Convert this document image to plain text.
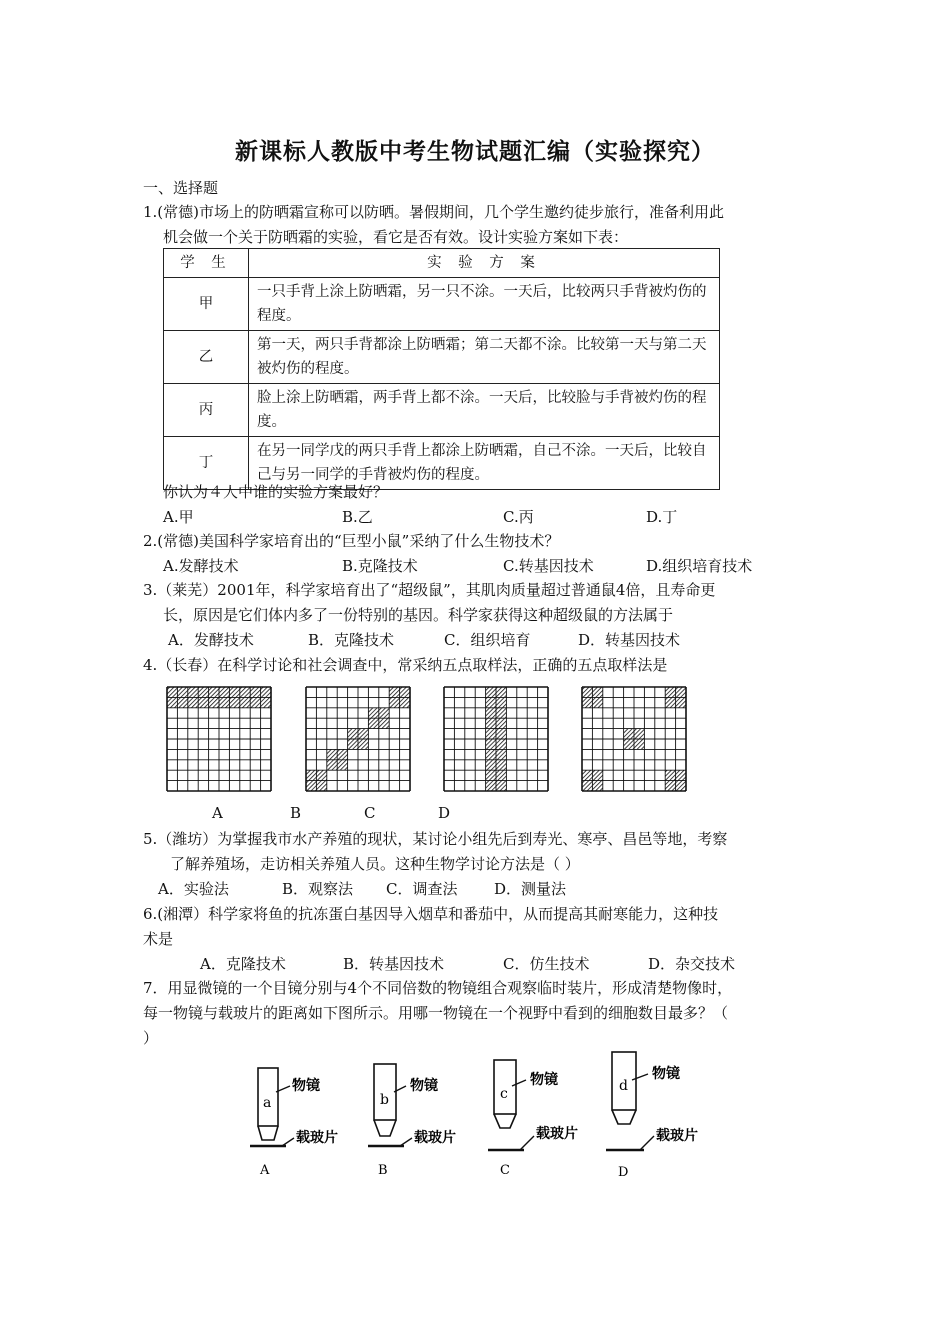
新课标人教版中考生物试题汇编（实验探究）
一、选择题
1.(常德)市场上的防晒霜宣称可以防晒。暑假期间，几个学生邀约徒步旅行，准备利用此
机会做一个关于防晒霜的实验，看它是否有效。设计实验方案如下表：
学 生	实 验 方 案
甲	一只手背上涂上防晒霜，另一只不涂。一天后，比较两只手背被灼伤的程度。
乙	第一天，两只手背都涂上防晒霜；第二天都不涂。比较第一天与第二天被灼伤的程度。
丙	脸上涂上防晒霜，两手背上都不涂。一天后，比较脸与手背被灼伤的程度。
丁	在另一同学戊的两只手背上都涂上防晒霜，自己不涂。一天后，比较自己与另一同学的手背被灼伤的程度。
你认为４人中谁的实验方案最好？
A.甲	B.乙	C.丙	D.丁
2.(常德)美国科学家培育出的“巨型小鼠”采纳了什么生物技术？
A.发酵技术	B.克隆技术	C.转基因技术	D.组织培育技术
3.（莱芜）2001年，科学家培育出了“超级鼠”，其肌肉质量超过普通鼠4倍，且寿命更
长，原因是它们体内多了一份特别的基因。科学家获得这种超级鼠的方法属于
A．发酵技术	B．克隆技术	C．组织培育	D．转基因技术
4.（长春）在科学讨论和社会调查中，常采纳五点取样法，正确的五点取样法是
A	B	C	D
5.（潍坊）为掌握我市水产养殖的现状，某讨论小组先后到寿光、寒亭、昌邑等地，考察
了解养殖场，走访相关养殖人员。这种生物学讨论方法是（ ）
A．实验法	B．观察法 C．调查法 D．测量法
6.(湘潭）科学家将鱼的抗冻蛋白基因导入烟草和番茄中，从而提高其耐寒能力，这种技
术是
A．克隆技术	B．转基因技术	C．仿生技术	D．杂交技术
7．用显微镜的一个目镜分别与4个不同倍数的物镜组合观察临时装片，形成清楚物像时，
每一物镜与载玻片的距离如下图所示。用哪一物镜在一个视野中看到的细胞数目最多？（
）
a
物镜
载玻片
A
b
物镜
载玻片
B
c
物镜
载玻片
C
d
物镜
载玻片
D
